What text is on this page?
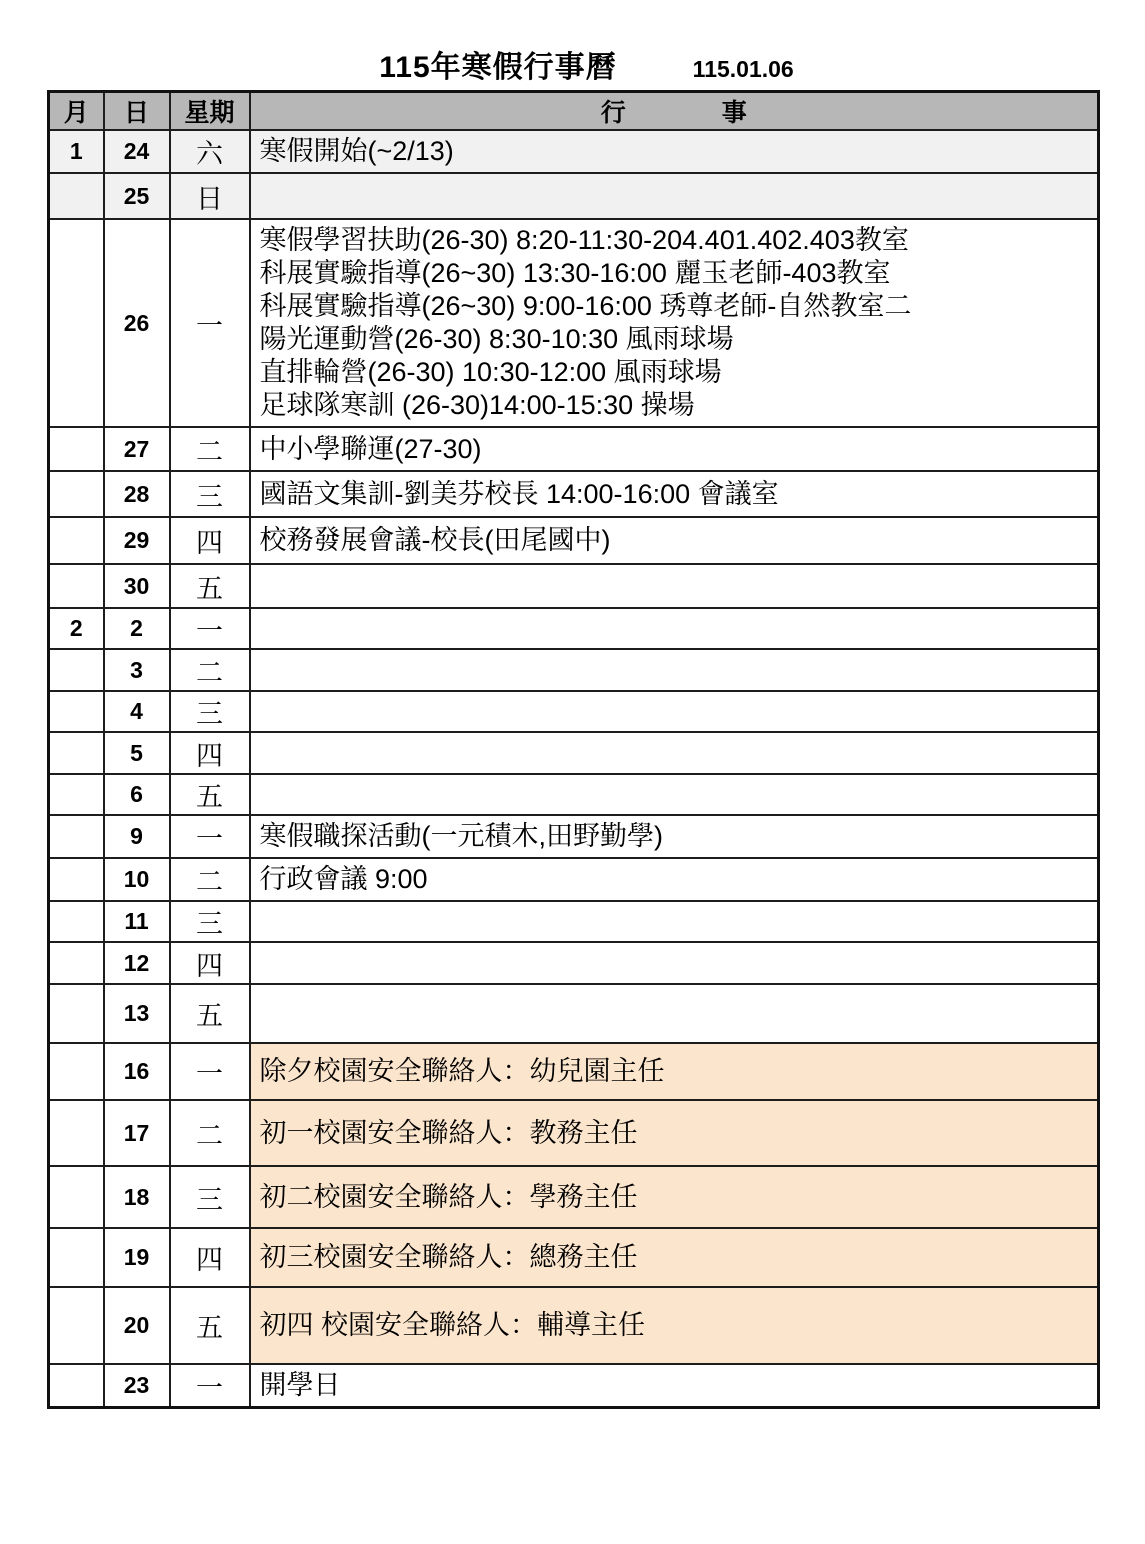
115年寒假行事曆	115.01.06
月	日	星期	行事
1	24	六	寒假開始(~2/13)

	25	日	
	26	一	
寒假學習扶助(26-30) 8:20-11:30-204.401.402.403教室
科展實驗指導(26~30) 13:30-16:00 麗玉老師-403教室
科展實驗指導(26~30) 9:00-16:00 琇尊老師-自然教室二
陽光運動營(26-30) 8:30-10:30 風雨球場
直排輪營(26-30) 10:30-12:00 風雨球場
足球隊寒訓 (26-30)14:00-15:30 操場

	27	二	中小學聯運(27-30)

	28	三	國語文集訓-劉美芬校長 14:00-16:00 會議室

	29	四	校務發展會議-校長(田尾國中)

	30	五	
2	2	一	
	3	二	
	4	三	
	5	四	
	6	五	
	9	一	寒假職探活動(一元積木,田野勤學)

	10	二	行政會議 9:00

	11	三	
	12	四	
	13	五	
	16	一	除夕校園安全聯絡人：幼兒園主任

	17	二	初一校園安全聯絡人：教務主任

	18	三	初二校園安全聯絡人：學務主任

	19	四	初三校園安全聯絡人：總務主任

	20	五	初四 校園安全聯絡人：輔導主任

	23	一	開學日
